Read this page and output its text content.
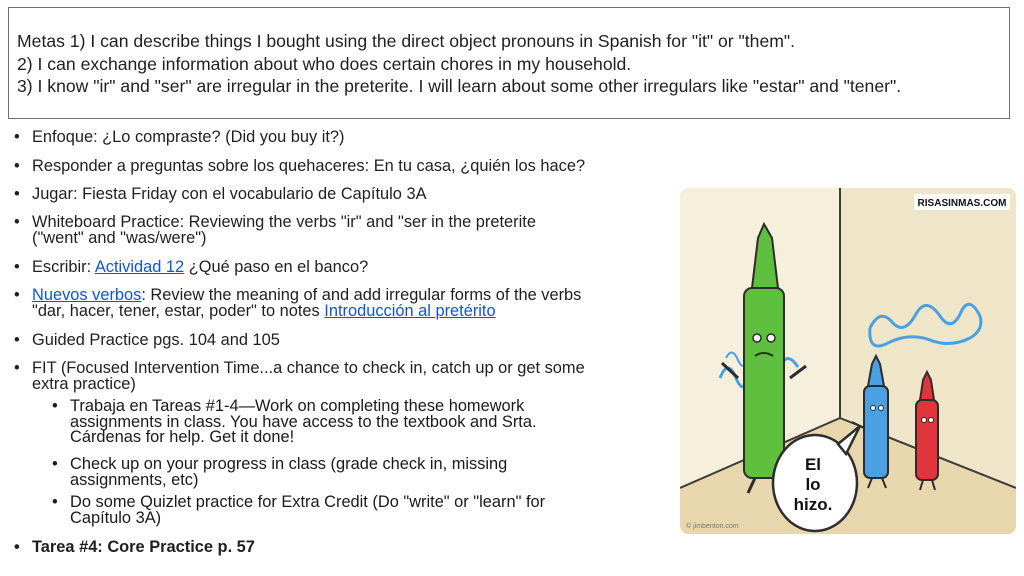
Metas 1) I can describe things I bought using the direct object pronouns in Spanish for "it" or "them".
2) I can exchange information about who does certain chores in my household.
3) I know "ir" and "ser" are irregular in the preterite. I will learn about some other irregulars like "estar" and "tener".
• Enfoque: ¿Lo compraste? (Did you buy it?)
• Responder a preguntas sobre los quehaceres: En tu casa, ¿quién los hace?
• Jugar: Fiesta Friday con el vocabulario de Capítulo 3A
• Whiteboard Practice: Reviewing the verbs "ir" and "ser in the preterite
("went" and "was/were")
• Escribir: Actividad 12 ¿Qué paso en el banco?
• Nuevos verbos: Review the meaning of and add irregular forms of the verbs
"dar, hacer, tener, estar, poder" to notes Introducción al pretérito
• Guided Practice pgs. 104 and 105
• FIT (Focused Intervention Time...a chance to check in, catch up or get some
extra practice)
• Trabaja en Tareas #1-4—Work on completing these homework
assignments in class. You have access to the textbook and Srta.
Cárdenas for help. Get it done!
• Check up on your progress in class (grade check in, missing
assignments, etc)
• Do some Quizlet practice for Extra Credit (Do "write" or "learn" for
Capítulo 3A)
• Tarea #4: Core Practice p. 57
RISASINMAS.COM
El
lo
hizo.
© jimbenton.com
